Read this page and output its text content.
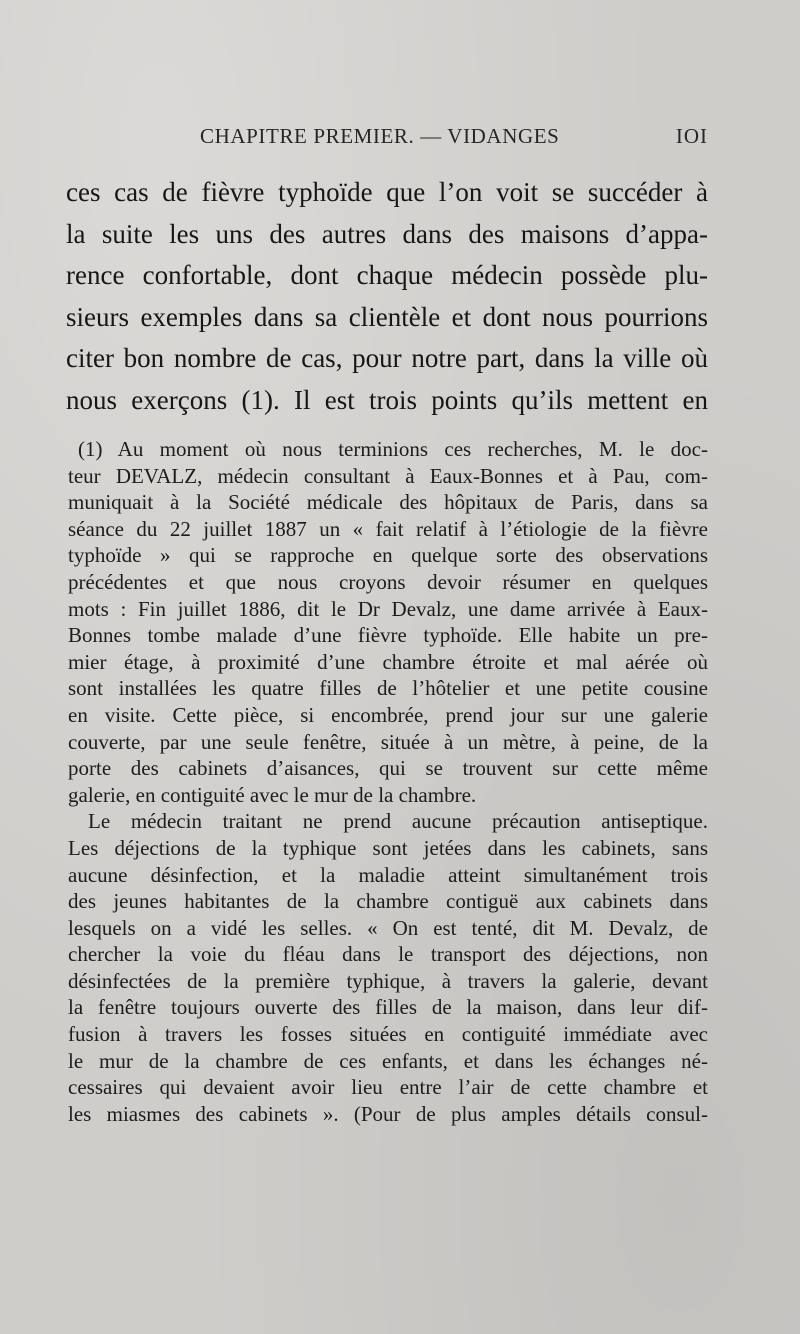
CHAPITRE PREMIER. — VIDANGES	IOI
ces cas de fièvre typhoïde que l’on voit se succéder à
la suite les uns des autres dans des maisons d’appa-
rence confortable, dont chaque médecin possède plu-
sieurs exemples dans sa clientèle et dont nous pourrions
citer bon nombre de cas, pour notre part, dans la ville où
nous exerçons (1). Il est trois points qu’ils mettent en
(1) Au moment où nous terminions ces recherches, M. le doc-
teur DEVALZ, médecin consultant à Eaux-Bonnes et à Pau, com-
muniquait à la Société médicale des hôpitaux de Paris, dans sa
séance du 22 juillet 1887 un « fait relatif à l’étiologie de la fièvre
typhoïde » qui se rapproche en quelque sorte des observations
précédentes et que nous croyons devoir résumer en quelques
mots : Fin juillet 1886, dit le Dr Devalz, une dame arrivée à Eaux-
Bonnes tombe malade d’une fièvre typhoïde. Elle habite un pre-
mier étage, à proximité d’une chambre étroite et mal aérée où
sont installées les quatre filles de l’hôtelier et une petite cousine
en visite. Cette pièce, si encombrée, prend jour sur une galerie
couverte, par une seule fenêtre, située à un mètre, à peine, de la
porte des cabinets d’aisances, qui se trouvent sur cette même
galerie, en contiguité avec le mur de la chambre.
Le médecin traitant ne prend aucune précaution antiseptique.
Les déjections de la typhique sont jetées dans les cabinets, sans
aucune désinfection, et la maladie atteint simultanément trois
des jeunes habitantes de la chambre contiguë aux cabinets dans
lesquels on a vidé les selles. « On est tenté, dit M. Devalz, de
chercher la voie du fléau dans le transport des déjections, non
désinfectées de la première typhique, à travers la galerie, devant
la fenêtre toujours ouverte des filles de la maison, dans leur dif-
fusion à travers les fosses situées en contiguité immédiate avec
le mur de la chambre de ces enfants, et dans les échanges né-
cessaires qui devaient avoir lieu entre l’air de cette chambre et
les miasmes des cabinets ». (Pour de plus amples détails consul-
